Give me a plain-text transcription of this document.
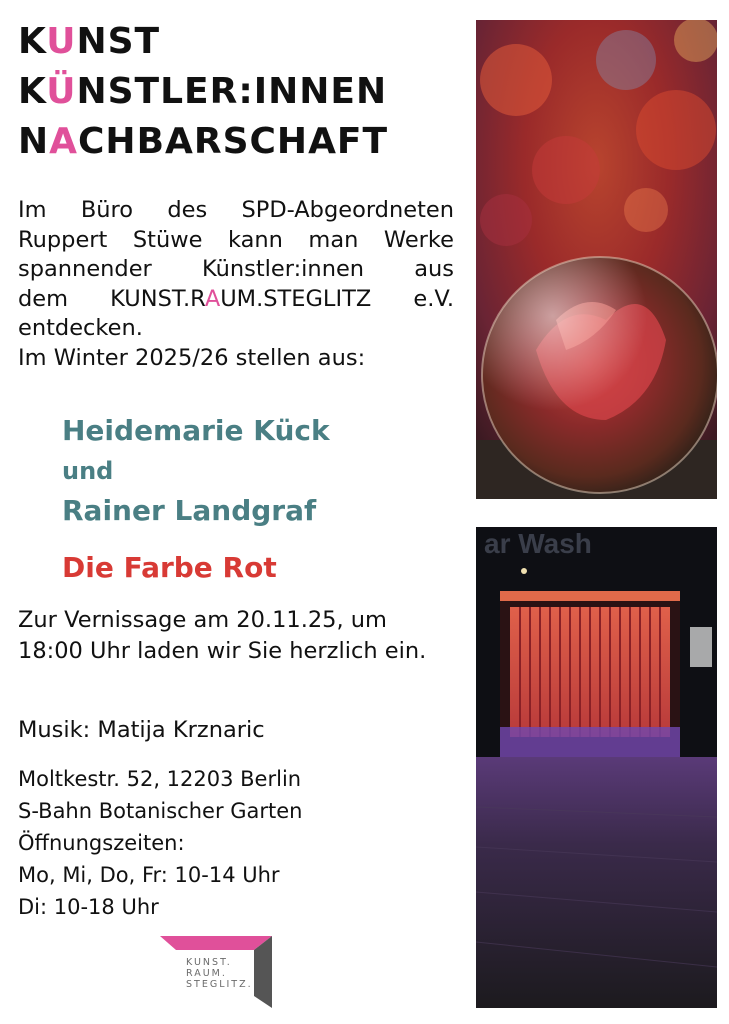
KUNST
KÜNSTLER:INNEN
NACHBARSCHAFT
Im Büro des SPD-Abgeordneten
Ruppert Stüwe kann man Werke
spannender Künstler:innen aus
dem KUNST.RAUM.STEGLITZ e.V.
entdecken.
Im Winter 2025/26 stellen aus:
Heidemarie Kück
und
Rainer Landgraf
Die Farbe Rot

Zur Vernissage am 20.11.25, um 18:00 Uhr laden wir Sie herzlich ein.

Musik: Matija Krznaric

Moltkestr. 52, 12203 Berlin
S-Bahn Botanischer Garten
Öffnungszeiten:
Mo, Mi, Do, Fr: 10-14 Uhr
Di: 10-18 Uhr
ar Wash
KUNST.
RAUM.
STEGLITZ.
